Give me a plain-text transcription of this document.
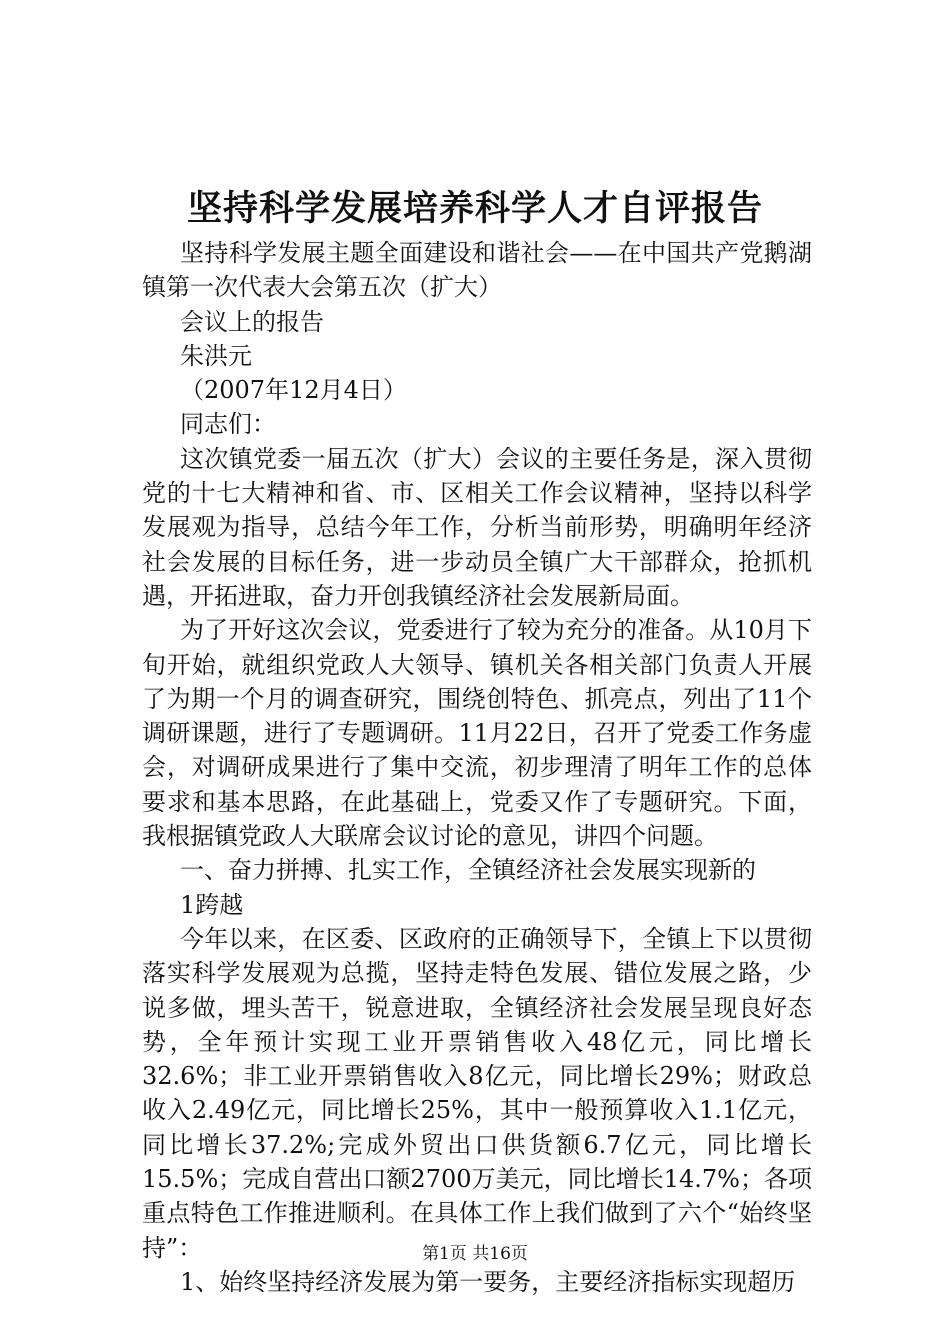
坚持科学发展培养科学人才自评报告

坚持科学发展主题全面建设和谐社会——在中国共产党鹅湖镇第一次代表大会第五次（扩大）

会议上的报告

朱洪元

（2007年12月4日）

同志们：

这次镇党委一届五次（扩大）会议的主要任务是，深入贯彻党的十七大精神和省、市、区相关工作会议精神，坚持以科学发展观为指导，总结今年工作，分析当前形势，明确明年经济社会发展的目标任务，进一步动员全镇广大干部群众，抢抓机遇，开拓进取，奋力开创我镇经济社会发展新局面。

为了开好这次会议，党委进行了较为充分的准备。从10月下旬开始，就组织党政人大领导、镇机关各相关部门负责人开展了为期一个月的调查研究，围绕创特色、抓亮点，列出了11个调研课题，进行了专题调研。11月22日，召开了党委工作务虚会，对调研成果进行了集中交流，初步理清了明年工作的总体要求和基本思路，在此基础上，党委又作了专题研究。下面，我根据镇党政人大联席会议讨论的意见，讲四个问题。

一、奋力拼搏、扎实工作，全镇经济社会发展实现新的

1跨越

今年以来，在区委、区政府的正确领导下，全镇上下以贯彻落实科学发展观为总揽，坚持走特色发展、错位发展之路，少说多做，埋头苦干，锐意进取，全镇经济社会发展呈现良好态势，全年预计实现工业开票销售收入48亿元，同比增长32.6%；非工业开票销售收入8亿元，同比增长29%；财政总收入2.49亿元，同比增长25%，其中一般预算收入1.1亿元，同比增长37.2%;完成外贸出口供货额6.7亿元，同比增长15.5%；完成自营出口额2700万美元，同比增长14.7%；各项重点特色工作推进顺利。在具体工作上我们做到了六个“始终坚持”：

1、始终坚持经济发展为第一要务，主要经济指标实现超历

第1页 共16页
